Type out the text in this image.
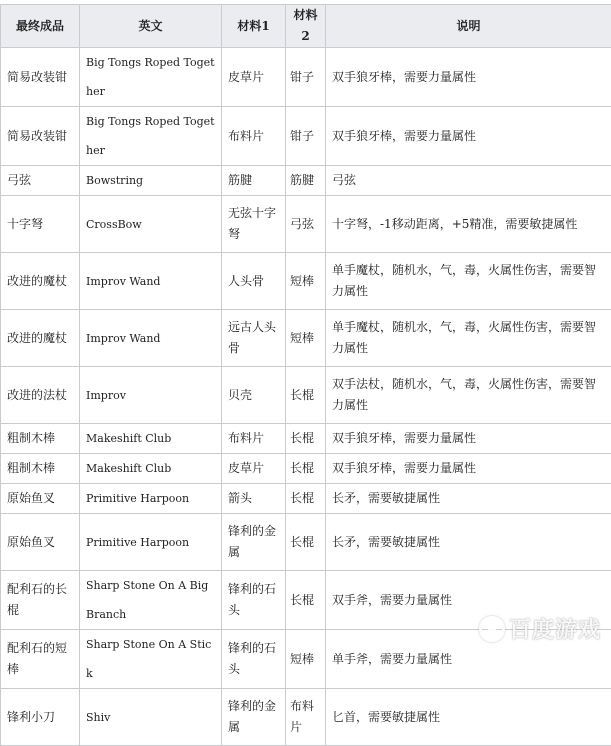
最终成品	英文	材料1	材料2	说明
简易改装钳	Big Tongs Roped Together	皮草片	钳子	双手狼牙棒，需要力量属性
简易改装钳	Big Tongs Roped Together	布料片	钳子	双手狼牙棒，需要力量属性
弓弦	Bowstring	筋腱	筋腱	弓弦
十字弩	CrossBow	无弦十字弩	弓弦	十字弩，-1移动距离，+5精准，需要敏捷属性
改进的魔杖	Improv Wand	人头骨	短棒	单手魔杖，随机水，气，毒，火属性伤害，需要智力属性
改进的魔杖	Improv Wand	远古人头骨	短棒	单手魔杖，随机水，气，毒，火属性伤害，需要智力属性
改进的法杖	Improv	贝壳	长棍	双手法杖，随机水，气，毒，火属性伤害，需要智力属性
粗制木棒	Makeshift Club	布料片	长棍	双手狼牙棒，需要力量属性
粗制木棒	Makeshift Club	皮草片	长棍	双手狼牙棒，需要力量属性
原始鱼叉	Primitive Harpoon	箭头	长棍	长矛，需要敏捷属性
原始鱼叉	Primitive Harpoon	锋利的金属	长棍	长矛，需要敏捷属性
配利石的长棍	Sharp Stone On A Big Branch	锋利的石头	长棍	双手斧，需要力量属性
配利石的短棒	Sharp Stone On A Stick	锋利的石头	短棒	单手斧，需要力量属性
锋利小刀	Shiv	锋利的金属	布料片	匕首，需要敏捷属性
百度游戏
